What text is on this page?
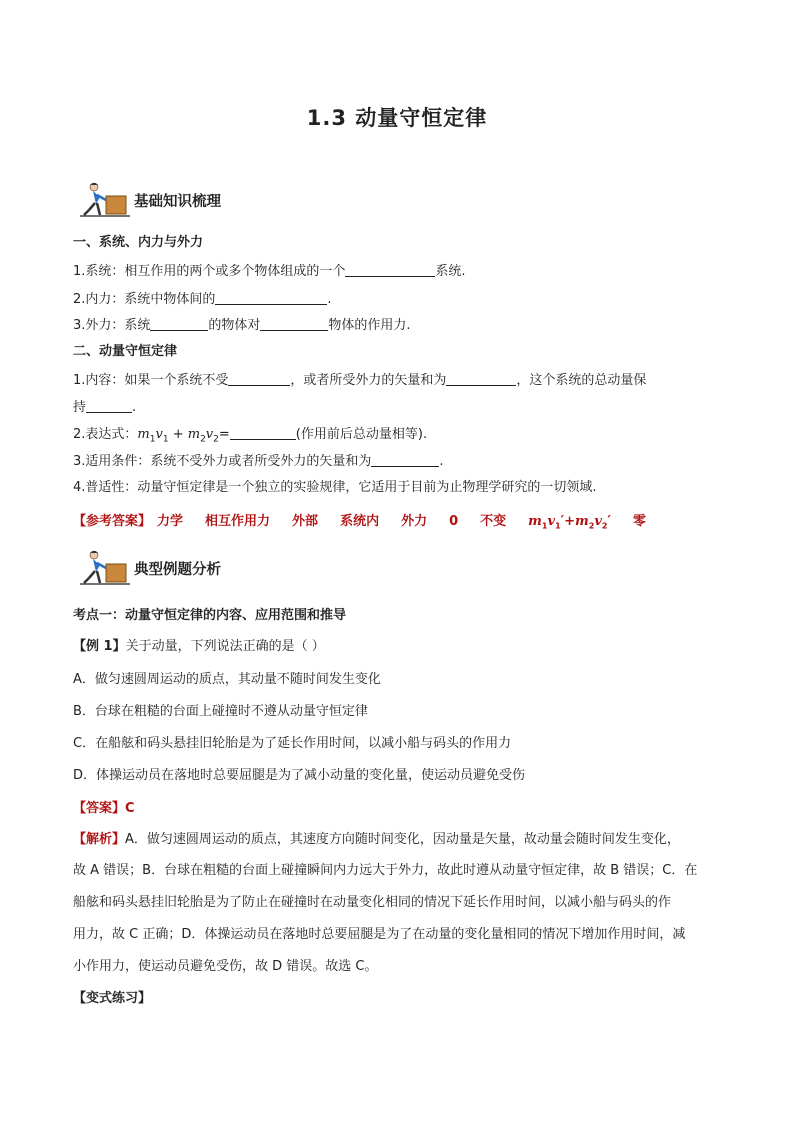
1.3 动量守恒定律
基础知识梳理
一、系统、内力与外力
1.系统：相互作用的两个或多个物体组成的一个	系统.
2.内力：系统中物体间的	.
3.外力：系统	的物体对	物体的作用力.
二、动量守恒定律
1.内容：如果一个系统不受	，或者所受外力的矢量和为	，这个系统的总动量保
持	.
2.表达式：$m_1v_1 + m_2v_2=$	(作用前后总动量相等).
3.适用条件：系统不受外力或者所受外力的矢量和为	.
4.普适性：动量守恒定律是一个独立的实验规律，它适用于目前为止物理学研究的一切领域.
【参考答案】 力学 相互作用力 外部 系统内 外力 0 不变 $m_1v_1'+m_2v_2'$ 零
典型例题分析
考点一：动量守恒定律的内容、应用范围和推导
【例 1】关于动量，下列说法正确的是（ ）
A．做匀速圆周运动的质点，其动量不随时间发生变化
B．台球在粗糙的台面上碰撞时不遵从动量守恒定律
C．在船舷和码头悬挂旧轮胎是为了延长作用时间，以减小船与码头的作用力
D．体操运动员在落地时总要屈腿是为了减小动量的变化量，使运动员避免受伤
【答案】C
【解析】A．做匀速圆周运动的质点，其速度方向随时间变化，因动量是矢量，故动量会随时间发生变化，
故 A 错误；B．台球在粗糙的台面上碰撞瞬间内力远大于外力，故此时遵从动量守恒定律，故 B 错误；C．在
船舷和码头悬挂旧轮胎是为了防止在碰撞时在动量变化相同的情况下延长作用时间，以减小船与码头的作
用力，故 C 正确；D．体操运动员在落地时总要屈腿是为了在动量的变化量相同的情况下增加作用时间，减
小作用力，使运动员避免受伤，故 D 错误。故选 C。
【变式练习】
